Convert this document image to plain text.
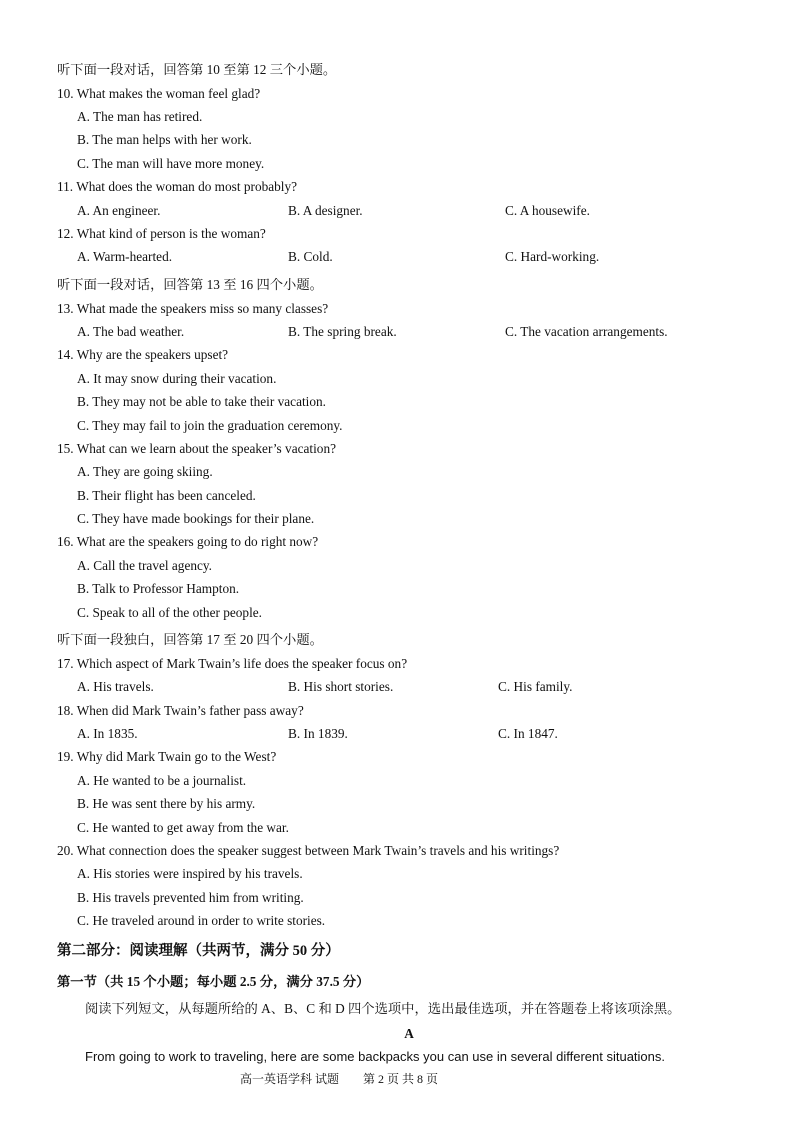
听下面一段对话，回答第 10 至第 12 三个小题。
10. What makes the woman feel glad?
A. The man has retired.
B. The man helps with her work.
C. The man will have more money.
11. What does the woman do most probably?
A. An engineer.	B. A designer.	C. A housewife.
12. What kind of person is the woman?
A. Warm-hearted.	B. Cold.	C. Hard-working.
听下面一段对话，回答第 13 至 16 四个小题。
13. What made the speakers miss so many classes?
A. The bad weather.	B. The spring break.	C. The vacation arrangements.
14. Why are the speakers upset?
A. It may snow during their vacation.
B. They may not be able to take their vacation.
C. They may fail to join the graduation ceremony.
15. What can we learn about the speaker’s vacation?
A. They are going skiing.
B. Their flight has been canceled.
C. They have made bookings for their plane.
16. What are the speakers going to do right now?
A. Call the travel agency.
B. Talk to Professor Hampton.
C. Speak to all of the other people.
听下面一段独白，回答第 17 至 20 四个小题。
17. Which aspect of Mark Twain’s life does the speaker focus on?
A. His travels.	B. His short stories.	C. His family.
18. When did Mark Twain’s father pass away?
A. In 1835.	B. In 1839.	C. In 1847.
19. Why did Mark Twain go to the West?
A. He wanted to be a journalist.
B. He was sent there by his army.
C. He wanted to get away from the war.
20. What connection does the speaker suggest between Mark Twain’s travels and his writings?
A. His stories were inspired by his travels.
B. His travels prevented him from writing.
C. He traveled around in order to write stories.
第二部分：阅读理解（共两节，满分 50 分）
第一节（共 15 个小题；每小题 2.5 分，满分 37.5 分）
阅读下列短文，从每题所给的 A、B、C 和 D 四个选项中，选出最佳选项，并在答题卷上将该项涂黑。
A
From going to work to traveling, here are some backpacks you can use in several different situations.
高一英语学科 试题　　第 2 页 共 8 页
